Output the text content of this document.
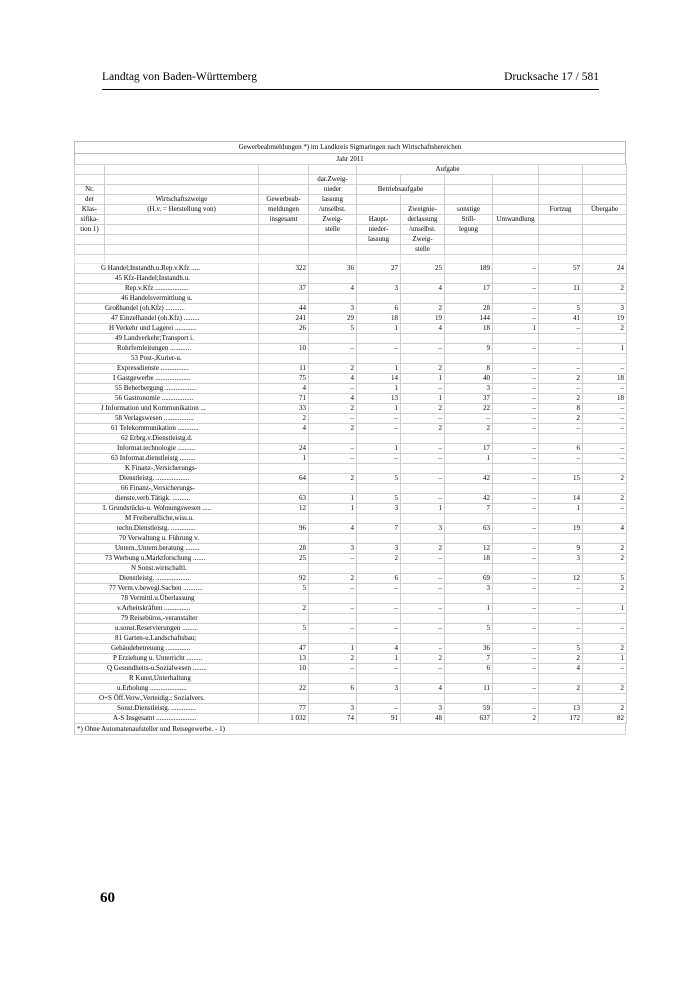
Landtag von Baden-Württemberg	Drucksache 17 / 581
Gewerbeabmeldungen *) im Landkreis Sigmaringen nach Wirtschaftsbereichen
Jahr 2011
				Aufgabe					
			dar.Zweig-						
Nr.			nieder	Betriebsaufgabe					
der	Wirtschaftszweige	Gewerbeab-	lassung						
Klas-	(H.v. = Herstellung von)	meldungen	/unselbst.		Zweignie-	sonstige		Fortzug	Übergabe
sifika-		insgesamt	Zweig-	Haupt-	derlassung	Still-	Umwandlung		
tion 1)			stelle	nieder-	/unselbst.	legung			
				lassung	Zweig-				
					stelle				

G Handel;Instandh.u.Rep.v.Kfz .....		322	36	27	25	189	–	57	24
45 Kfz-Handel;Instandh.u.									
Rep.v.Kfz ...................		37	4	3	4	17	–	11	2
46 Handelsvermittlung u.									
Großhandel (oh.Kfz) ...........		44	3	6	2	28	–	5	3
47 Einzelhandel (oh.Kfz) .........		241	29	18	19	144	–	41	19
H Verkehr und Lagerei ............		26	5	1	4	18	1	–	2
49 Landverkehr;Transport i.									
Rohrfernleitungen ............		10	–	–	–	9	–	–	1
53 Post-,Kurier-u.									
Expressdienste ................		11	2	1	2	8	–	–	–
I Gastgewerbe ....................		75	4	14	1	40	–	2	18
55 Beherbergung ..................		4	–	1	–	3	–	–	–
56 Gastronomie ..................		71	4	13	1	37	–	2	18
J Information und Kommunikation ...		33	2	1	2	22	–	8	–
58 Verlagswesen .................		2	–	–	–	–	–	2	–
61 Telekommunikation ............		4	2	–	2	2	–	–	–
62 Erbrg.v.Dienstleistg.d.									
Informat.technologie ..........		24	–	1	–	17	–	6	–
63 Informat.dienstleistg .........		1	–	–	–	1	–	–	–
K Finanz-,Versicherungs-									
Dienstleistg. ...................		64	2	5	–	42	–	15	2
66 Finanz-,Versicherungs-									
dienste,verb.Tätigk. ..........		63	1	5	–	42	–	14	2
L Grundstücks-u. Wohnungswesen .....		12	1	3	1	7	–	1	–
M Freiberufliche,wiss.u.									
techn.Dienstleistg. ..............		96	4	7	3	63	–	19	4
70 Verwaltung u. Führung v.									
Untern.,Untern.beratung ........		28	3	3	2	12	–	9	2
73 Werbung u.Marktforschung .......		25	–	2	–	18	–	3	2
N Sonst.wirtschaftl.									
Dienstleistg. ...................		92	2	6	–	69	–	12	5
77 Verm.v.bewegl.Sachen ...........		5	–	–	–	3	–	–	2
78 Vermittl.u.Überlassung									
v.Arbeitskräften ...............		2	–	–	–	1	–	–	1
79 Reisebüros,-veranstalter									
u.sonst.Reservierungen .........		5	–	–	–	5	–	–	–
81 Garten-u.Landschaftsbau;									
Gebäudebetreuung ..............		47	1	4	–	36	–	5	2
P Erziehung u. Unterricht .........		13	2	1	2	7	–	2	1
Q Gesundheits-u.Sozialwesen ........		10	–	–	–	6	–	4	–
R Kunst,Unterhaltung									
u.Erholung .....................		22	6	3	4	11	–	2	2
O+S Öff.Verw.,Verteidig.; Sozialvers.									
Sonst.Dienstleistg. ..............		77	3	–	3	59	–	13	2
A-S Insgesamt .......................		1 032	74	91	48	637	2	172	82
*) Ohne Automatenaufsteller und Reisegewerbe. - 1)
60
